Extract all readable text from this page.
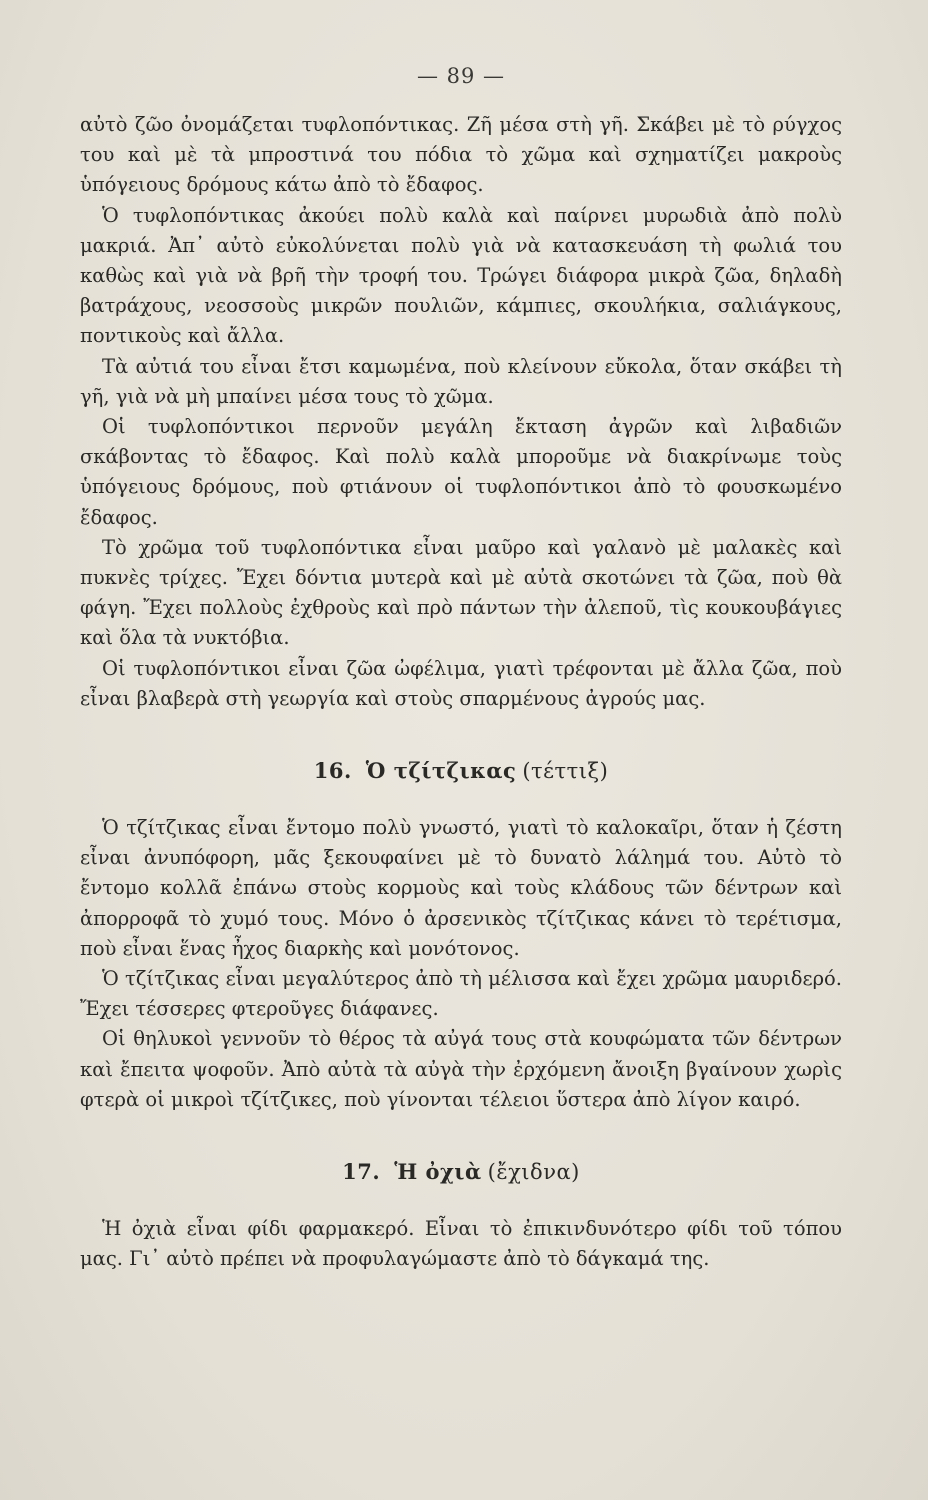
— 89 —

αὐτὸ ζῶο ὀνομάζεται τυφλοπόντικας. Ζῆ μέσα στὴ γῆ. Σκάβει μὲ τὸ ρύγχος του καὶ μὲ τὰ μπροστινά του πόδια τὸ χῶμα καὶ σχηματίζει μακροὺς ὑπόγειους δρόμους κάτω ἀπὸ τὸ ἔδαφος.

Ὁ τυφλοπόντικας ἀκούει πολὺ καλὰ καὶ παίρνει μυρωδιὰ ἀπὸ πολὺ μακριά. Ἀπ᾽ αὐτὸ εὐκολύνεται πολὺ γιὰ νὰ κατασκευάση τὴ φωλιά του καθὼς καὶ γιὰ νὰ βρῆ τὴν τροφή του. Τρώγει διάφορα μικρὰ ζῶα, δηλαδὴ βατράχους, νεοσσοὺς μικρῶν πουλιῶν, κάμπιες, σκουλήκια, σαλιάγκους, ποντικοὺς καὶ ἄλλα.

Τὰ αὐτιά του εἶναι ἔτσι καμωμένα, ποὺ κλείνουν εὔκολα, ὅταν σκάβει τὴ γῆ, γιὰ νὰ μὴ μπαίνει μέσα τους τὸ χῶμα.

Οἱ τυφλοπόντικοι περνοῦν μεγάλη ἔκταση ἀγρῶν καὶ λιβαδιῶν σκάβοντας τὸ ἔδαφος. Καὶ πολὺ καλὰ μποροῦμε νὰ διακρίνωμε τοὺς ὑπόγειους δρόμους, ποὺ φτιάνουν οἱ τυφλοπόντικοι ἀπὸ τὸ φουσκωμένο ἔδαφος.

Τὸ χρῶμα τοῦ τυφλοπόντικα εἶναι μαῦρο καὶ γαλανὸ μὲ μαλακὲς καὶ πυκνὲς τρίχες. Ἔχει δόντια μυτερὰ καὶ μὲ αὐτὰ σκοτώνει τὰ ζῶα, ποὺ θὰ φάγη. Ἔχει πολλοὺς ἐχθροὺς καὶ πρὸ πάντων τὴν ἀλεποῦ, τὶς κουκουβάγιες καὶ ὅλα τὰ νυκτόβια.

Οἱ τυφλοπόντικοι εἶναι ζῶα ὠφέλιμα, γιατὶ τρέφονται μὲ ἄλλα ζῶα, ποὺ εἶναι βλαβερὰ στὴ γεωργία καὶ στοὺς σπαρμένους ἀγρούς μας.

16. Ὁ τζίτζικας (τέττιξ)

Ὁ τζίτζικας εἶναι ἔντομο πολὺ γνωστό, γιατὶ τὸ καλοκαῖρι, ὅταν ἡ ζέστη εἶναι ἀνυπόφορη, μᾶς ξεκουφαίνει μὲ τὸ δυνατὸ λάλημά του. Αὐτὸ τὸ ἔντομο κολλᾶ ἐπάνω στοὺς κορμοὺς καὶ τοὺς κλάδους τῶν δέντρων καὶ ἀπορροφᾶ τὸ χυμό τους. Μόνο ὁ ἀρσενικὸς τζίτζικας κάνει τὸ τερέτισμα, ποὺ εἶναι ἕνας ἦχος διαρκὴς καὶ μονότονος.

Ὁ τζίτζικας εἶναι μεγαλύτερος ἀπὸ τὴ μέλισσα καὶ ἔχει χρῶμα μαυριδερό. Ἔχει τέσσερες φτεροῦγες διάφανες.

Οἱ θηλυκοὶ γεννοῦν τὸ θέρος τὰ αὐγά τους στὰ κουφώματα τῶν δέντρων καὶ ἔπειτα ψοφοῦν. Ἀπὸ αὐτὰ τὰ αὐγὰ τὴν ἐρχόμενη ἄνοιξη βγαίνουν χωρὶς φτερὰ οἱ μικροὶ τζίτζικες, ποὺ γίνονται τέλειοι ὕστερα ἀπὸ λίγον καιρό.

17. Ἡ ὀχιὰ (ἔχιδνα)

Ἡ ὀχιὰ εἶναι φίδι φαρμακερό. Εἶναι τὸ ἐπικινδυνότερο φίδι τοῦ τόπου μας. Γι᾽ αὐτὸ πρέπει νὰ προφυλαγώμαστε ἀπὸ τὸ δάγκαμά της.
